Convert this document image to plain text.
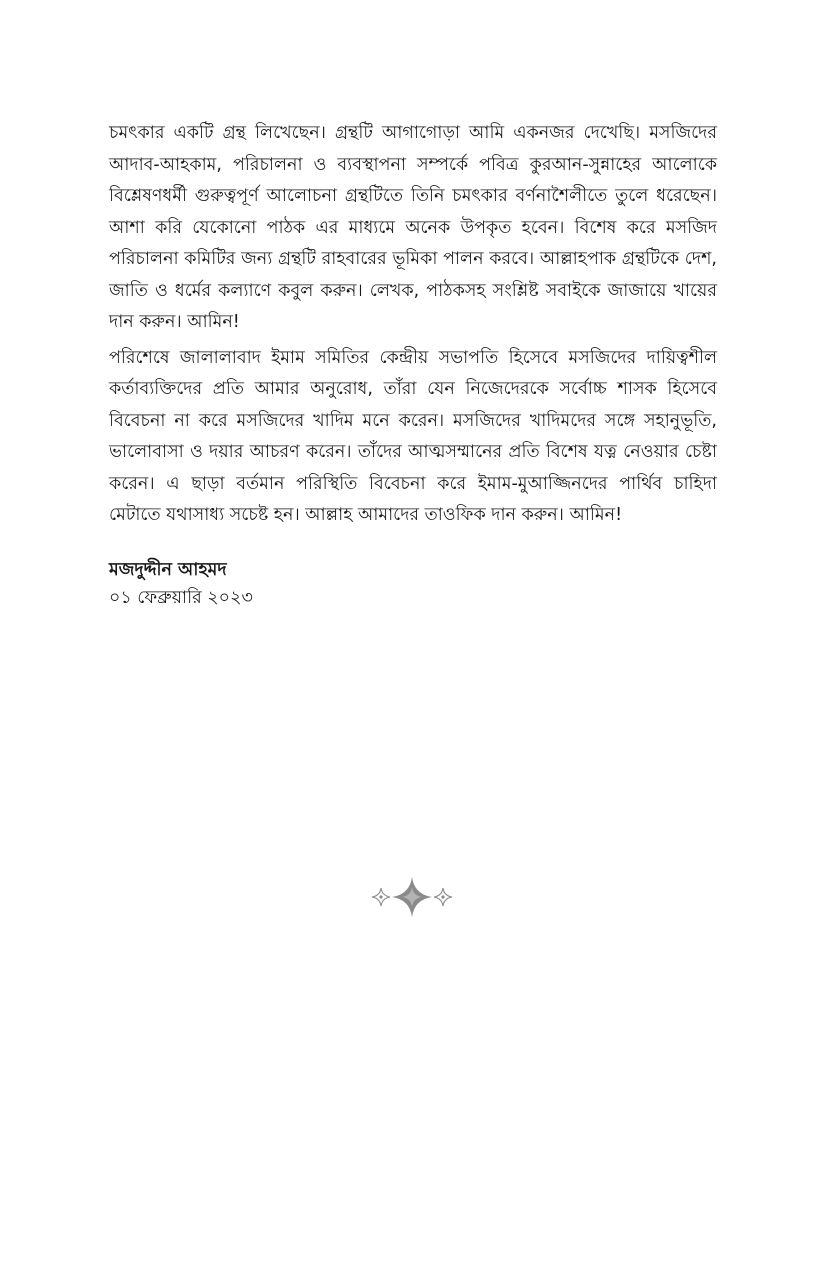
চমৎকার একটি গ্রন্থ লিখেছেন। গ্রন্থটি আগাগোড়া আমি একনজর দেখেছি। মসজিদের আদাব-আহকাম, পরিচালনা ও ব্যবস্থাপনা সম্পর্কে পবিত্র কুরআন-সুন্নাহের আলোকে বিশ্লেষণধর্মী গুরুত্বপূর্ণ আলোচনা গ্রন্থটিতে তিনি চমৎকার বর্ণনাশৈলীতে তুলে ধরেছেন। আশা করি যেকোনো পাঠক এর মাধ্যমে অনেক উপকৃত হবেন। বিশেষ করে মসজিদ পরিচালনা কমিটির জন্য গ্রন্থটি রাহবারের ভূমিকা পালন করবে। আল্লাহপাক গ্রন্থটিকে দেশ, জাতি ও ধর্মের কল্যাণে কবুল করুন। লেখক, পাঠকসহ সংশ্লিষ্ট সবাইকে জাজায়ে খায়ের দান করুন। আমিন!

পরিশেষে জালালাবাদ ইমাম সমিতির কেন্দ্রীয় সভাপতি হিসেবে মসজিদের দায়িত্বশীল কর্তাব্যক্তিদের প্রতি আমার অনুরোধ, তাঁরা যেন নিজেদেরকে সর্বোচ্চ শাসক হিসেবে বিবেচনা না করে মসজিদের খাদিম মনে করেন। মসজিদের খাদিমদের সঙ্গে সহানুভূতি, ভালোবাসা ও দয়ার আচরণ করেন। তাঁদের আত্মসম্মানের প্রতি বিশেষ যত্ন নেওয়ার চেষ্টা করেন। এ ছাড়া বর্তমান পরিস্থিতি বিবেচনা করে ইমাম-মুআজ্জিনদের পার্থিব চাহিদা মেটাতে যথাসাধ্য সচেষ্ট হন। আল্লাহ আমাদের তাওফিক দান করুন। আমিন!

মজদুদ্দীন আহমদ
০১ ফেব্রুয়ারি ২০২৩
